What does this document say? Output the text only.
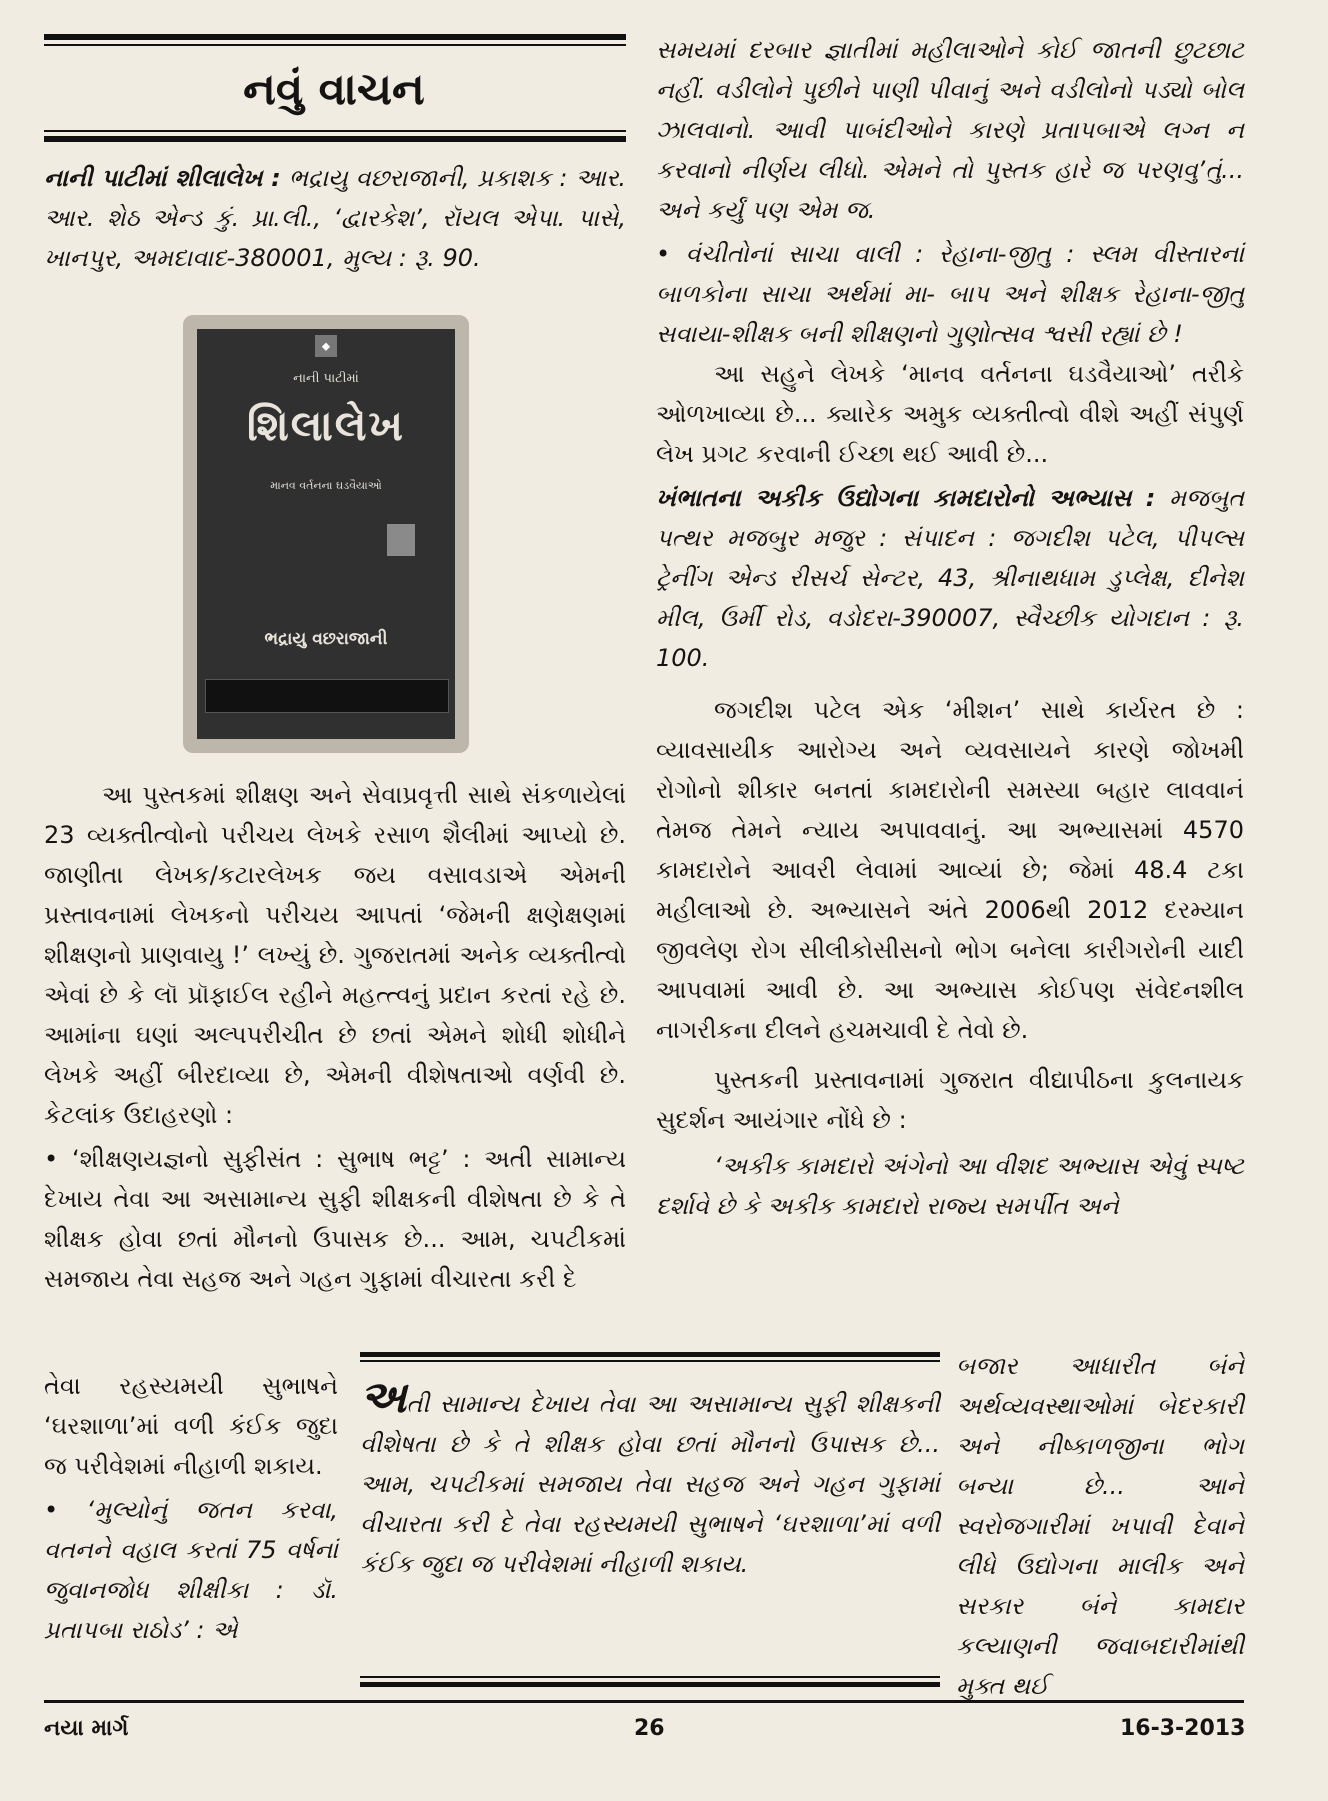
નવું વાચન
નાની પાટીમાં શીલાલેખ : ભદ્રાયુ વછરાજાની, પ્રકાશક : આર. આર. શેઠ એન્ડ કું. પ્રા.લી., ‘દ્વારકેશ’, રૉયલ એપા. પાસે, ખાનપુર, અમદાવાદ-380001, મુલ્ય : રૂ. 90.
⬥
નાની પાટીમાં
શિલાલેખ
માનવ વર્તનના ઘડવૈયાઓ
ભદ્રાયુ વછરાજાની

આ પુસ્તકમાં શીક્ષણ અને સેવાપ્રવૃત્તી સાથે સંકળાયેલાં 23 વ્યક્તીત્વોનો પરીચય લેખકે રસાળ શૈલીમાં આપ્યો છે. જાણીતા લેખક/કટારલેખક જય વસાવડાએ એમની પ્રસ્તાવનામાં લેખકનો પરીચય આપતાં ‘જેમની ક્ષણેક્ષણમાં શીક્ષણનો પ્રાણવાયુ !’ લખ્યું છે. ગુજરાતમાં અનેક વ્યક્તીત્વો એવાં છે કે લૉ પ્રૉફાઈલ રહીને મહત્ત્વનું પ્રદાન કરતાં રહે છે. આમાંના ઘણાં અલ્પપરીચીત છે છતાં એમને શોધી શોધીને લેખકે અહીં બીરદાવ્યા છે, એમની વીશેષતાઓ વર્ણવી છે. કેટલાંક ઉદાહરણો :

• ‘શીક્ષણયજ્ઞનો સુફીસંત : સુભાષ ભટ્ટ’ : અતી સામાન્ય દેખાય તેવા આ અસામાન્ય સુફી શીક્ષકની વીશેષતા છે કે તે શીક્ષક હોવા છતાં મૌનનો ઉપાસક છે... આમ, ચપટીકમાં સમજાય તેવા સહજ અને ગહન ગુફામાં વીચારતા કરી દે

તેવા રહસ્યમયી સુભાષને ‘ઘરશાળા’માં વળી કંઈક જુદા જ પરીવેશમાં નીહાળી શકાય.

• ‘મુલ્યોનું જતન કરવા, વતનને વહાલ કરતાં 75 વર્ષનાં જુવાનજોધ શીક્ષીકા : ડૉ. પ્રતાપબા રાઠોડ’ : એ

અતી સામાન્ય દેખાય તેવા આ અસામાન્ય સુફી શીક્ષકની વીશેષતા છે કે તે શીક્ષક હોવા છતાં મૌનનો ઉપાસક છે... આમ, ચપટીકમાં સમજાય તેવા સહજ અને ગહન ગુફામાં વીચારતા કરી દે તેવા રહસ્યમયી સુભાષને ‘ઘરશાળા’માં વળી કંઈક જુદા જ પરીવેશમાં નીહાળી શકાય.

સમયમાં દરબાર જ્ઞાતીમાં મહીલાઓને કોઈ જાતની છુટછાટ નહીં. વડીલોને પુછીને પાણી પીવાનું અને વડીલોનો પડ્યો બોલ ઝાલવાનો. આવી પાબંદીઓને કારણે પ્રતાપબાએ લગ્ન ન કરવાનો નીર્ણય લીધો. એમને તો પુસ્તક હારે જ પરણવુ’તું... અને કર્યું પણ એમ જ.

• વંચીતોનાં સાચા વાલી : રેહાના-જીતુ : સ્લમ વીસ્તારનાં બાળકોના સાચા અર્થમાં મા- બાપ અને શીક્ષક રેહાના-જીતુ સવાયા-શીક્ષક બની શીક્ષણનો ગુણોત્સવ શ્વસી રહ્યાં છે !

આ સહુને લેખકે ‘માનવ વર્તનના ઘડવૈયાઓ’ તરીકે ઓળખાવ્યા છે... ક્યારેક અમુક વ્યક્તીત્વો વીશે અહીં સંપુર્ણ લેખ પ્રગટ કરવાની ઈચ્છા થઈ આવી છે...

ખંભાતના અકીક ઉદ્યોગના કામદારોનો અભ્યાસ : મજબુત પત્થર મજબુર મજુર : સંપાદન : જગદીશ પટેલ, પીપલ્સ ટ્રેનીંગ એન્ડ રીસર્ચ સેન્ટર, 43, શ્રીનાથધામ ડુપ્લેક્ષ, દીનેશ મીલ, ઉર્મી રોડ, વડોદરા-390007, સ્વૈચ્છીક યોગદાન : રૂ. 100.

જગદીશ પટેલ એક ‘મીશન’ સાથે કાર્યરત છે : વ્યાવસાયીક આરોગ્ય અને વ્યવસાયને કારણે જોખમી રોગોનો શીકાર બનતાં કામદારોની સમસ્યા બહાર લાવવાનં તેમજ તેમને ન્યાય અપાવવાનું. આ અભ્યાસમાં 4570 કામદારોને આવરી લેવામાં આવ્યાં છે; જેમાં 48.4 ટકા મહીલાઓ છે. અભ્યાસને અંતે 2006થી 2012 દરમ્યાન જીવલેણ રોગ સીલીકોસીસનો ભોગ બનેલા કારીગરોની યાદી આપવામાં આવી છે. આ અભ્યાસ કોઈપણ સંવેદનશીલ નાગરીકના દીલને હચમચાવી દે તેવો છે.

પુસ્તકની પ્રસ્તાવનામાં ગુજરાત વીદ્યાપીઠના કુલનાયક સુદર્શન આયંગાર નોંધે છે :

‘અકીક કામદારો અંગેનો આ વીશદ અભ્યાસ એવું સ્પષ્ટ દર્શાવે છે કે અકીક કામદારો રાજ્ય સમર્પીત અને

બજાર આધારીત બંને અર્થવ્યવસ્થાઓમાં બેદરકારી અને નીષ્કાળજીના ભોગ બન્યા છે... આને સ્વરોજગારીમાં ખપાવી દેવાને લીધે ઉદ્યોગના માલીક અને સરકાર બંને કામદાર કલ્યાણની જવાબદારીમાંથી મુક્ત થઈ

નયા માર્ગ	26	16-3-2013
